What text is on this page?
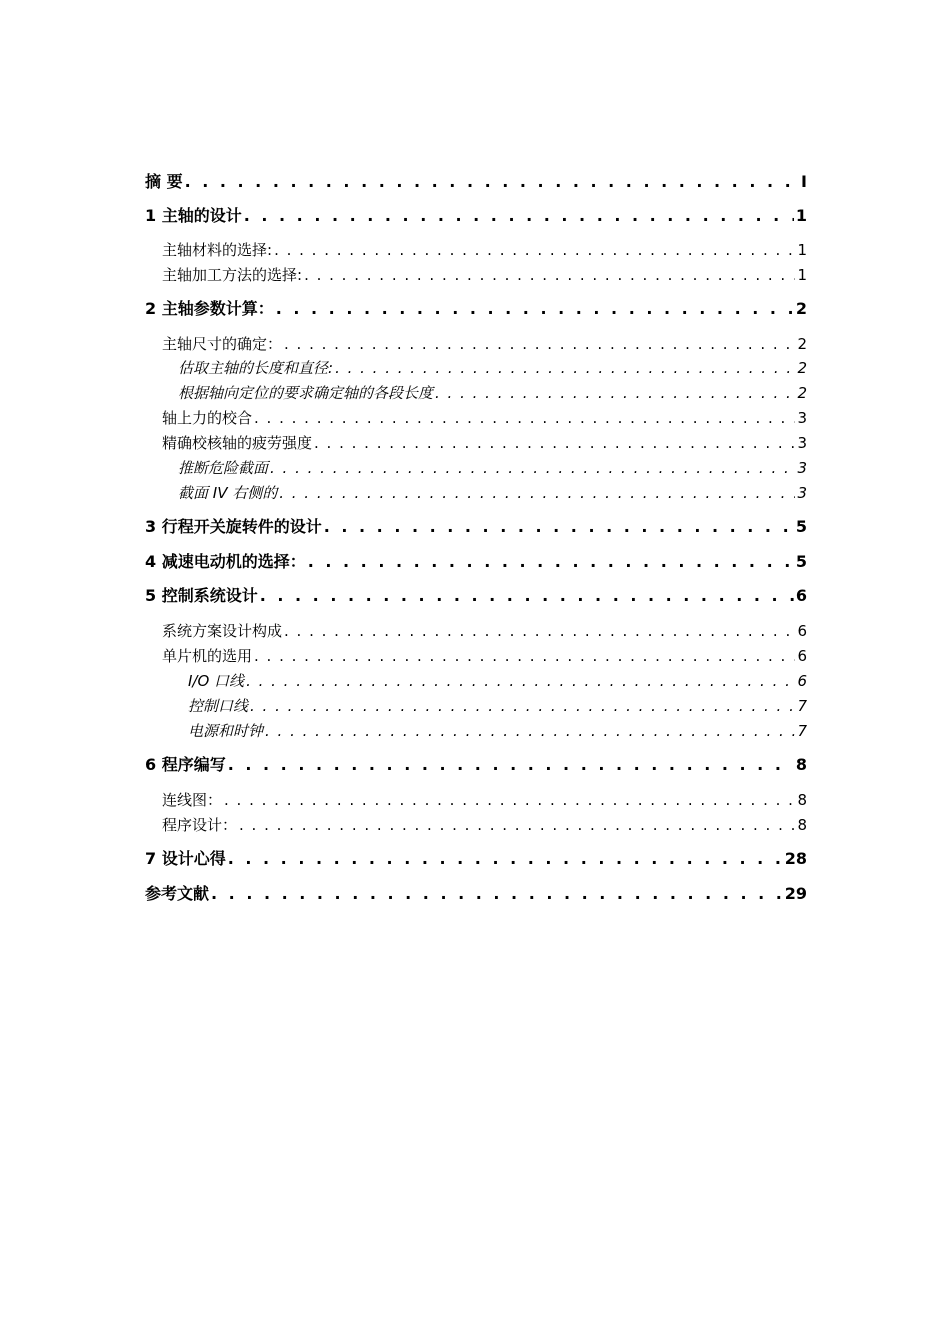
摘 要 . . .	I
1 主轴的设计 . . .	1
主轴材料的选择: . . .	1
主轴加工方法的选择: . . .	1
2 主轴参数计算： . . .	2
主轴尺寸的确定： . . .	2
估取主轴的长度和直径: . . .	2
根据轴向定位的要求确定轴的各段长度 . . .	2
轴上力的校合 . . .	3
精确校核轴的疲劳强度 . . .	3
推断危险截面 . . .	3
截面 IV 右侧的 . . .	3
3 行程开关旋转件的设计 . . .	5
4 减速电动机的选择： . . .	5
5 控制系统设计 . . .	6
系统方案设计构成 . . .	6
单片机的选用 . . .	6
I/O 口线 . . .	6
控制口线 . . .	7
电源和时钟 . . .	7
6 程序编写 . . .	8
连线图： . . .	8
程序设计： . . .	8
7 设计心得 . . .	28
参考文献 . . .	29
